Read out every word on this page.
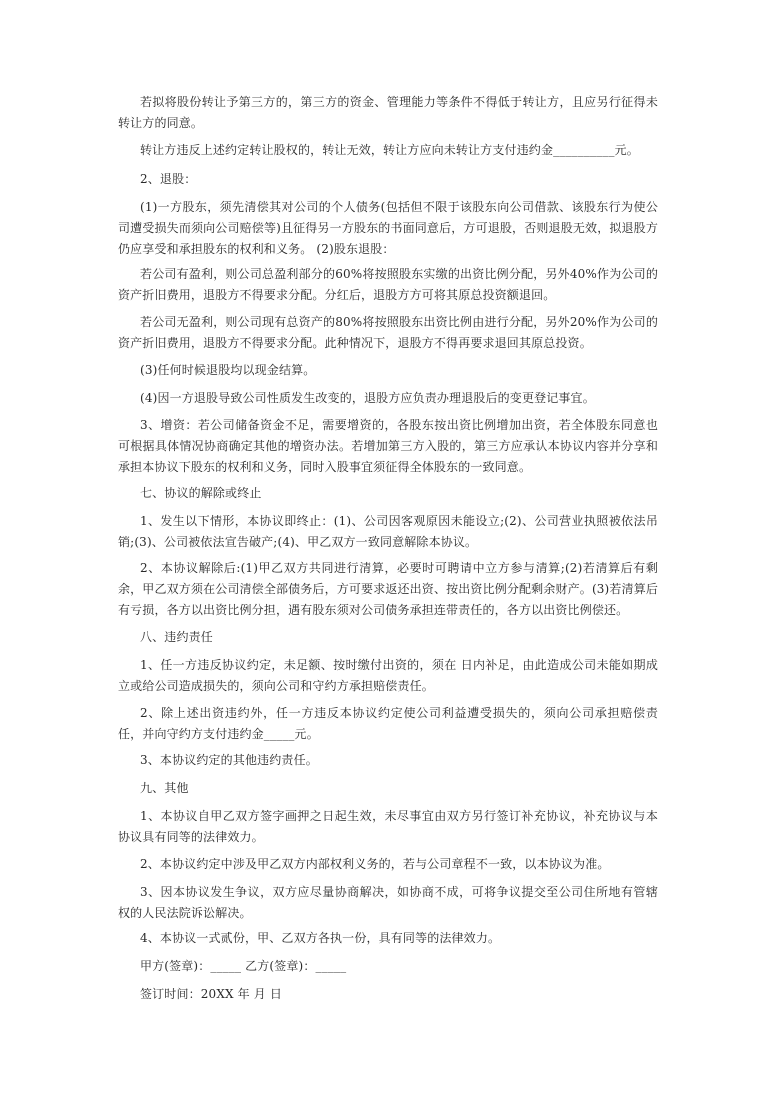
若拟将股份转让予第三方的，第三方的资金、管理能力等条件不得低于转让方，且应另行征得未转让方的同意。

转让方违反上述约定转让股权的，转让无效，转让方应向未转让方支付违约金__________元。

2、退股：

(1)一方股东，须先清偿其对公司的个人债务(包括但不限于该股东向公司借款、该股东行为使公司遭受损失而须向公司赔偿等)且征得另一方股东的书面同意后，方可退股，否则退股无效，拟退股方仍应享受和承担股东的权利和义务。 (2)股东退股：

若公司有盈利，则公司总盈利部分的60%将按照股东实缴的出资比例分配，另外40%作为公司的资产折旧费用，退股方不得要求分配。分红后，退股方方可将其原总投资额退回。

若公司无盈利，则公司现有总资产的80%将按照股东出资比例由进行分配，另外20%作为公司的资产折旧费用，退股方不得要求分配。此种情况下，退股方不得再要求退回其原总投资。

(3)任何时候退股均以现金结算。

(4)因一方退股导致公司性质发生改变的，退股方应负责办理退股后的变更登记事宜。

3、增资：若公司储备资金不足，需要增资的，各股东按出资比例增加出资，若全体股东同意也可根据具体情况协商确定其他的增资办法。若增加第三方入股的，第三方应承认本协议内容并分享和承担本协议下股东的权利和义务，同时入股事宜须征得全体股东的一致同意。

七、协议的解除或终止

1、发生以下情形，本协议即终止：(1)、公司因客观原因未能设立;(2)、公司营业执照被依法吊销;(3)、公司被依法宣告破产;(4)、甲乙双方一致同意解除本协议。

2、本协议解除后:(1)甲乙双方共同进行清算，必要时可聘请中立方参与清算;(2)若清算后有剩余，甲乙双方须在公司清偿全部债务后，方可要求返还出资、按出资比例分配剩余财产。(3)若清算后有亏损，各方以出资比例分担，遇有股东须对公司债务承担连带责任的，各方以出资比例偿还。

八、违约责任

1、任一方违反协议约定，未足额、按时缴付出资的，须在 日内补足，由此造成公司未能如期成立或给公司造成损失的，须向公司和守约方承担赔偿责任。

2、除上述出资违约外，任一方违反本协议约定使公司利益遭受损失的，须向公司承担赔偿责任，并向守约方支付违约金_____元。

3、本协议约定的其他违约责任。

九、其他

1、本协议自甲乙双方签字画押之日起生效，未尽事宜由双方另行签订补充协议，补充协议与本协议具有同等的法律效力。

2、本协议约定中涉及甲乙双方内部权利义务的，若与公司章程不一致，以本协议为准。

3、因本协议发生争议，双方应尽量协商解决，如协商不成，可将争议提交至公司住所地有管辖权的人民法院诉讼解决。

4、本协议一式贰份，甲、乙双方各执一份，具有同等的法律效力。

甲方(签章)：_____ 乙方(签章)：_____

签订时间：20XX 年 月 日
